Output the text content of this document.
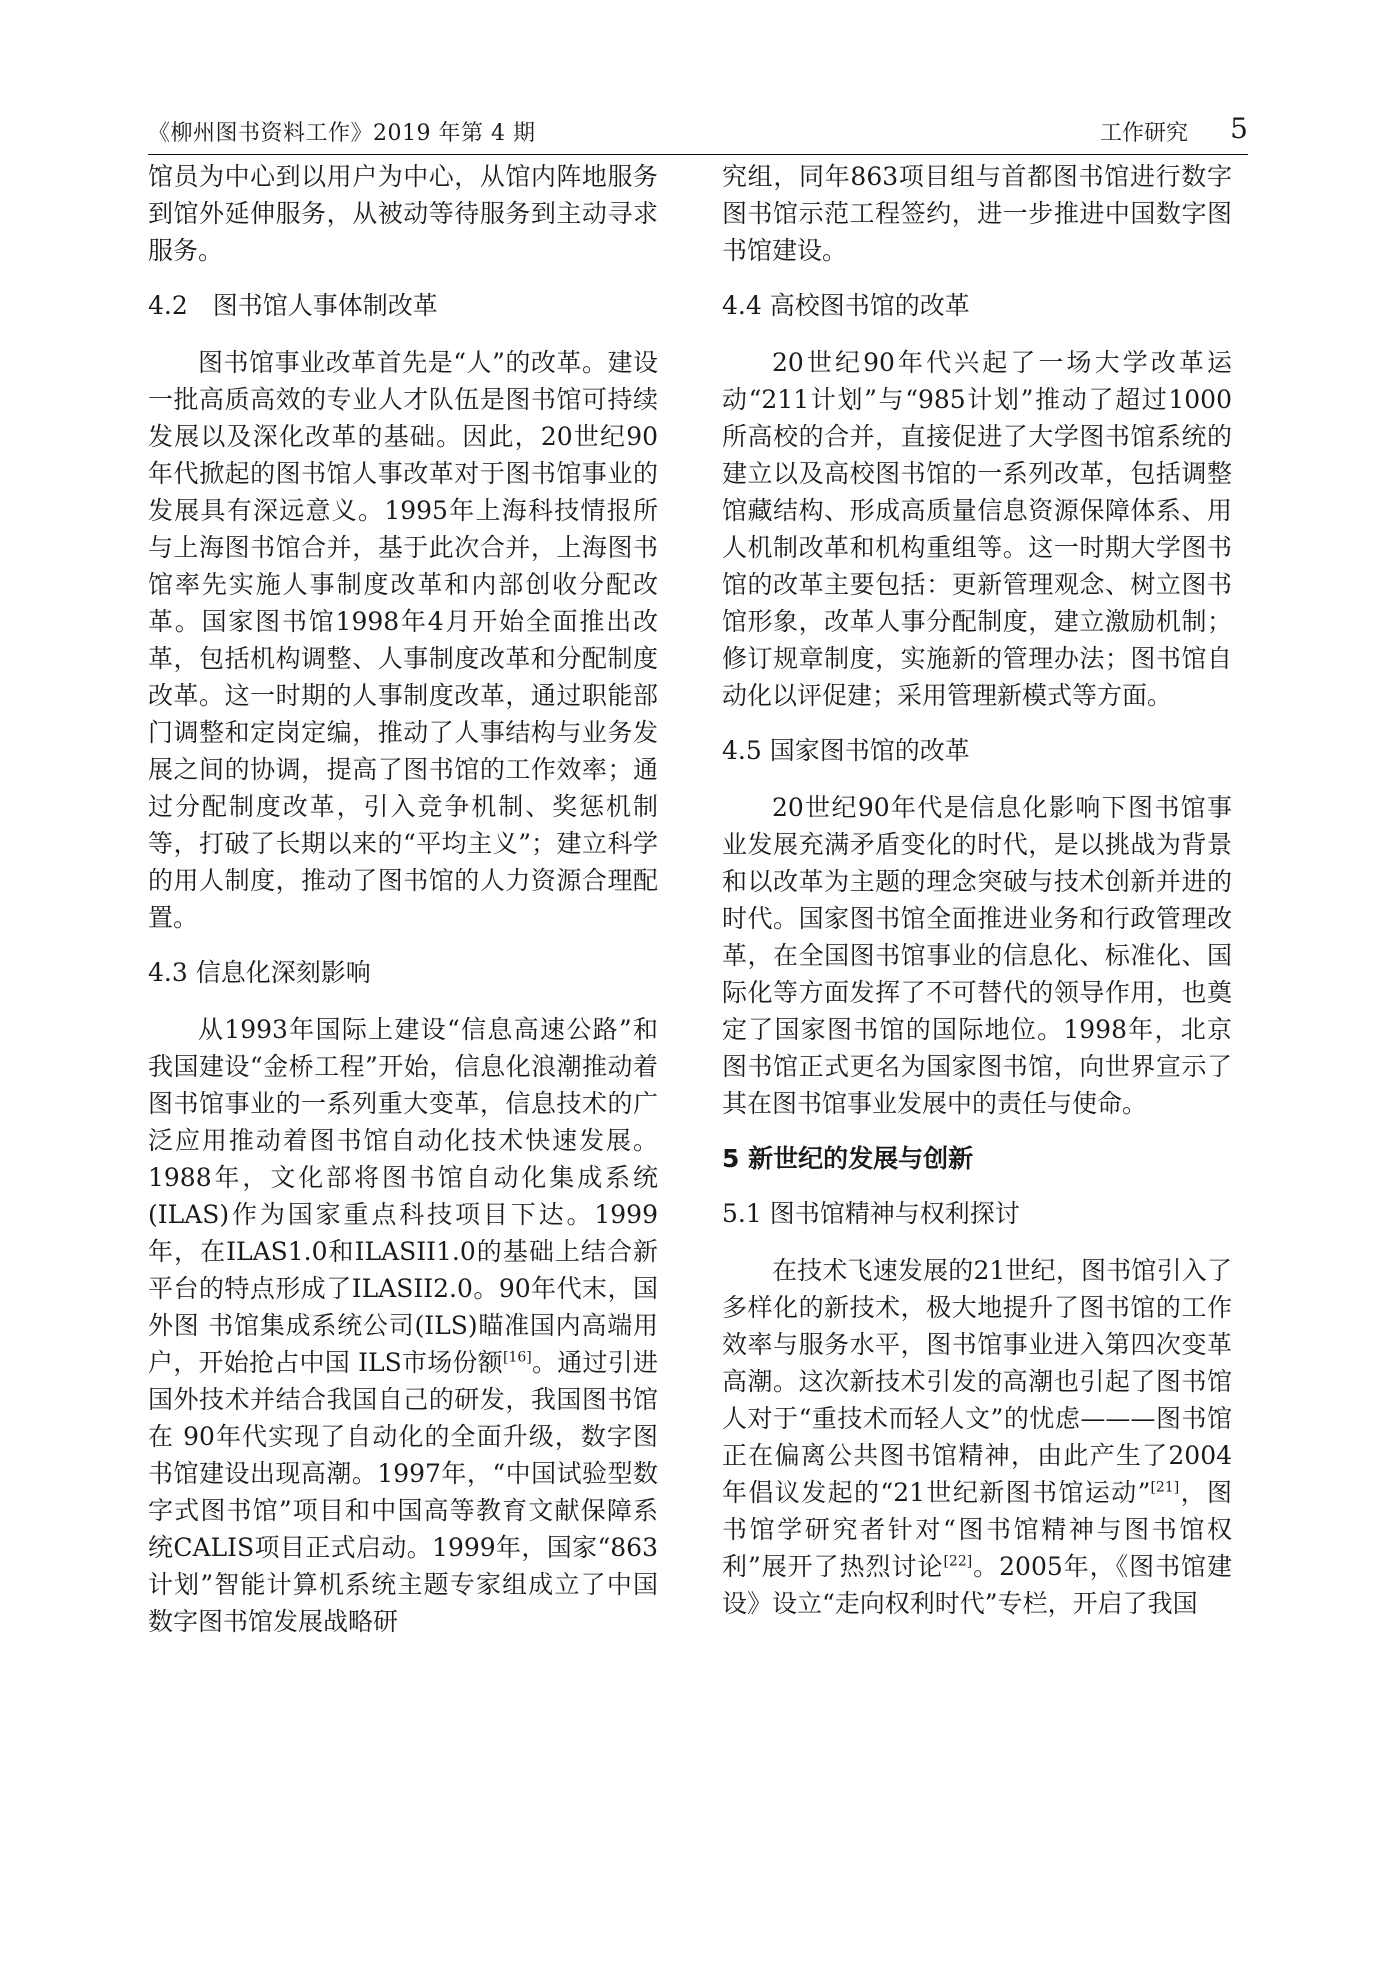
《柳州图书资料工作》2019 年第 4 期	工作研究 5

馆员为中心到以用户为中心，从馆内阵地服务到馆外延伸服务，从被动等待服务到主动寻求服务。

4.2　图书馆人事体制改革

图书馆事业改革首先是“人”的改革。建设一批高质高效的专业人才队伍是图书馆可持续发展以及深化改革的基础。因此，20世纪90年代掀起的图书馆人事改革对于图书馆事业的发展具有深远意义。1995年上海科技情报所与上海图书馆合并，基于此次合并，上海图书馆率先实施人事制度改革和内部创收分配改革。国家图书馆1998年4月开始全面推出改革，包括机构调整、人事制度改革和分配制度改革。这一时期的人事制度改革，通过职能部门调整和定岗定编，推动了人事结构与业务发展之间的协调，提高了图书馆的工作效率；通过分配制度改革，引入竞争机制、奖惩机制等，打破了长期以来的“平均主义”；建立科学的用人制度，推动了图书馆的人力资源合理配置。

4.3 信息化深刻影响

从1993年国际上建设“信息高速公路”和我国建设“金桥工程”开始，信息化浪潮推动着图书馆事业的一系列重大变革，信息技术的广泛应用推动着图书馆自动化技术快速发展。1988年，文化部将图书馆自动化集成系统(ILAS)作为国家重点科技项目下达。1999年，在ILAS1.0和ILASII1.0的基础上结合新平台的特点形成了ILASII2.0。90年代末，国外图 书馆集成系统公司(ILS)瞄准国内高端用户，开始抢占中国 ILS市场份额[16]。通过引进国外技术并结合我国自己的研发，我国图书馆在 90年代实现了自动化的全面升级，数字图书馆建设出现高潮。1997年，“中国试验型数字式图书馆”项目和中国高等教育文献保障系统CALIS项目正式启动。1999年，国家“863计划”智能计算机系统主题专家组成立了中国数字图书馆发展战略研

究组，同年863项目组与首都图书馆进行数字图书馆示范工程签约，进一步推进中国数字图书馆建设。

4.4 高校图书馆的改革

20世纪90年代兴起了一场大学改革运动“211计划”与“985计划”推动了超过1000所高校的合并，直接促进了大学图书馆系统的建立以及高校图书馆的一系列改革，包括调整馆藏结构、形成高质量信息资源保障体系、用人机制改革和机构重组等。这一时期大学图书馆的改革主要包括：更新管理观念、树立图书馆形象，改革人事分配制度，建立激励机制；修订规章制度，实施新的管理办法；图书馆自动化以评促建；采用管理新模式等方面。

4.5 国家图书馆的改革

20世纪90年代是信息化影响下图书馆事业发展充满矛盾变化的时代，是以挑战为背景和以改革为主题的理念突破与技术创新并进的时代。国家图书馆全面推进业务和行政管理改革，在全国图书馆事业的信息化、标准化、国际化等方面发挥了不可替代的领导作用，也奠定了国家图书馆的国际地位。1998年，北京图书馆正式更名为国家图书馆，向世界宣示了其在图书馆事业发展中的责任与使命。

5 新世纪的发展与创新
5.1 图书馆精神与权利探讨

在技术飞速发展的21世纪，图书馆引入了多样化的新技术，极大地提升了图书馆的工作效率与服务水平，图书馆事业进入第四次变革高潮。这次新技术引发的高潮也引起了图书馆人对于“重技术而轻人文”的忧虑———图书馆正在偏离公共图书馆精神，由此产生了2004年倡议发起的“21世纪新图书馆运动”[21]，图书馆学研究者针对“图书馆精神与图书馆权利”展开了热烈讨论[22]。2005年，《图书馆建设》设立“走向权利时代”专栏，开启了我国
